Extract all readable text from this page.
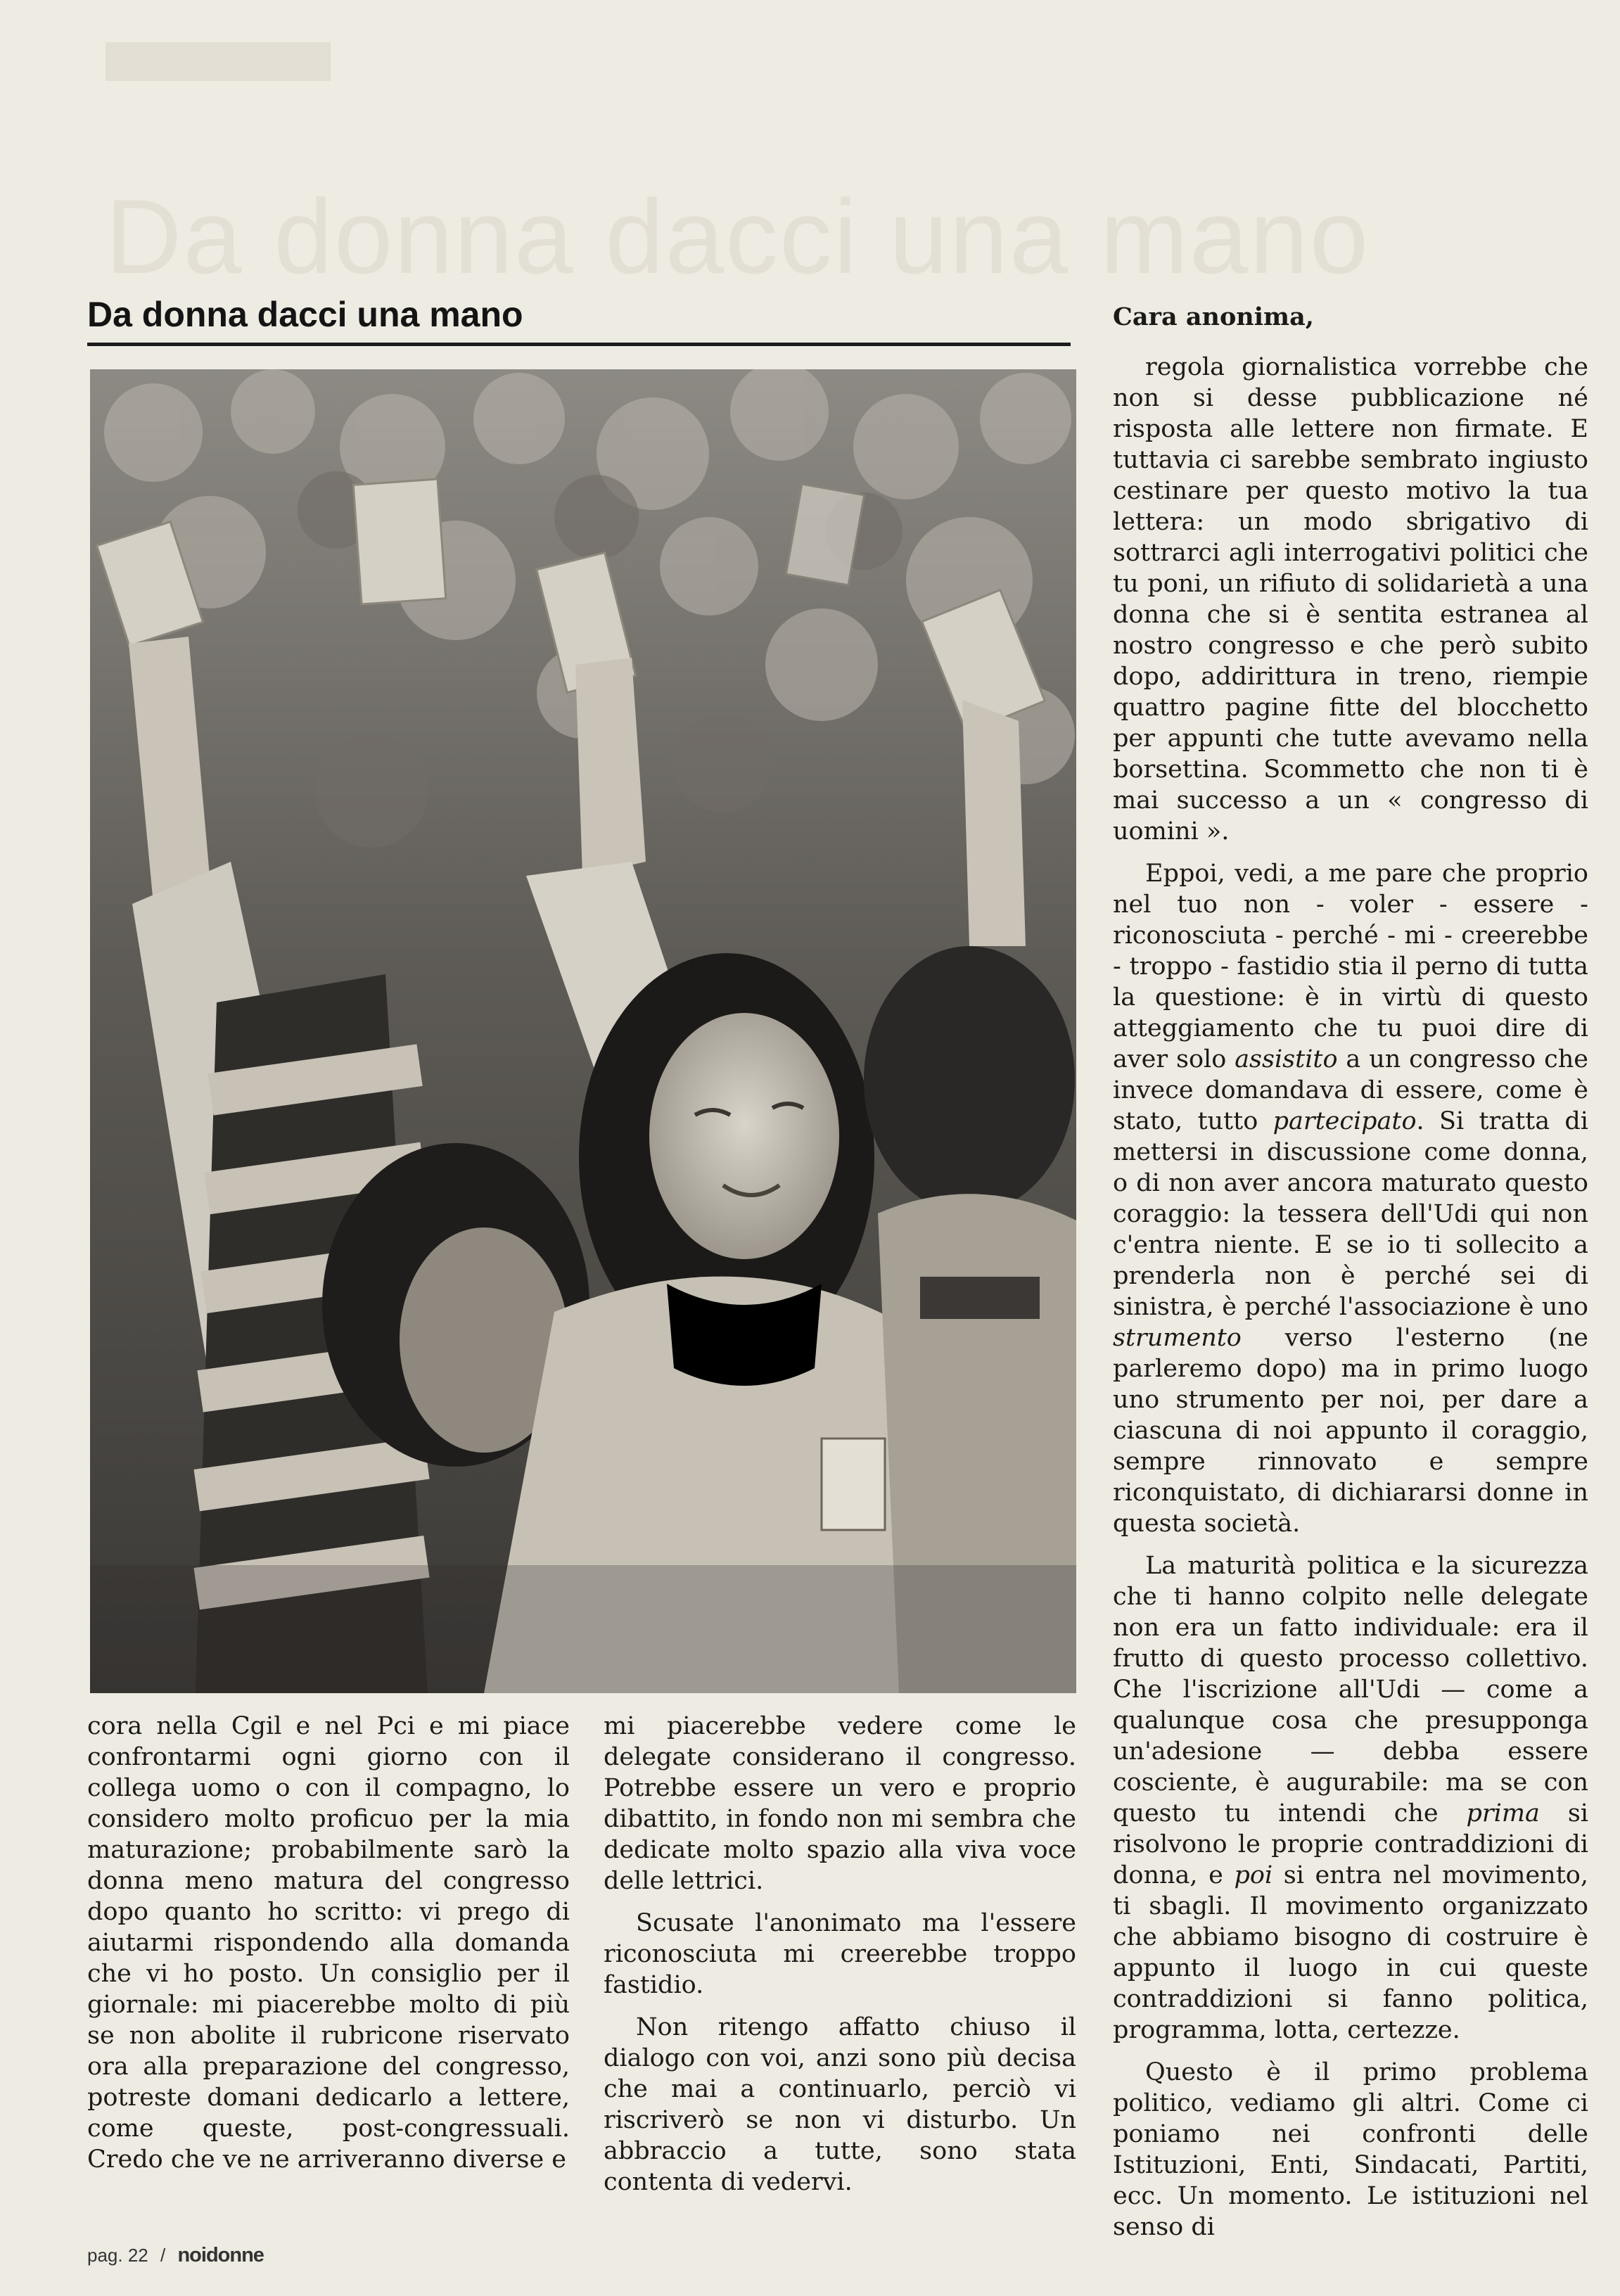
Da donna dacci una mano
Da donna dacci una mano

cora nella Cgil e nel Pci e mi piace confrontarmi ogni giorno con il collega uomo o con il compagno, lo considero molto proficuo per la mia maturazione; probabilmente sarò la donna meno matura del congresso dopo quanto ho scritto: vi prego di aiutarmi rispondendo alla domanda che vi ho posto. Un consiglio per il giornale: mi piacerebbe molto di più se non abolite il rubricone riservato ora alla preparazione del congresso, potreste domani dedicarlo a lettere, come queste, post-congressuali. Credo che ve ne arriveranno diverse e

mi piacerebbe vedere come le delegate considerano il congresso. Potrebbe essere un vero e proprio dibattito, in fondo non mi sembra che dedicate molto spazio alla viva voce delle lettrici.

Scusate l'anonimato ma l'essere riconosciuta mi creerebbe troppo fastidio.

Non ritengo affatto chiuso il dialogo con voi, anzi sono più decisa che mai a continuarlo, perciò vi riscriverò se non vi disturbo. Un abbraccio a tutte, sono stata contenta di vedervi.

Cara anonima,

regola giornalistica vorrebbe che non si desse pubblicazione né risposta alle lettere non firmate. E tuttavia ci sarebbe sembrato ingiusto cestinare per questo motivo la tua lettera: un modo sbrigativo di sottrarci agli interrogativi politici che tu poni, un rifiuto di solidarietà a una donna che si è sentita estranea al nostro congresso e che però subito dopo, addirittura in treno, riempie quattro pagine fitte del blocchetto per appunti che tutte avevamo nella borsettina. Scommetto che non ti è mai successo a un « congresso di uomini ».

Eppoi, vedi, a me pare che proprio nel tuo non - voler - essere - riconosciuta - perché - mi - creerebbe - troppo - fastidio stia il perno di tutta la questione: è in virtù di questo atteggiamento che tu puoi dire di aver solo assistito a un congresso che invece domandava di essere, come è stato, tutto partecipato. Si tratta di mettersi in discussione come donna, o di non aver ancora maturato questo coraggio: la tessera dell'Udi qui non c'entra niente. E se io ti sollecito a prenderla non è perché sei di sinistra, è perché l'associazione è uno strumento verso l'esterno (ne parleremo dopo) ma in primo luogo uno strumento per noi, per dare a ciascuna di noi appunto il coraggio, sempre rinnovato e sempre riconquistato, di dichiararsi donne in questa società.

La maturità politica e la sicurezza che ti hanno colpito nelle delegate non era un fatto individuale: era il frutto di questo processo collettivo. Che l'iscrizione all'Udi — come a qualunque cosa che presupponga un'adesione — debba essere cosciente, è augurabile: ma se con questo tu intendi che prima si risolvono le proprie contraddizioni di donna, e poi si entra nel movimento, ti sbagli. Il movimento organizzato che abbiamo bisogno di costruire è appunto il luogo in cui queste contraddizioni si fanno politica, programma, lotta, certezze.

Questo è il primo problema politico, vediamo gli altri. Come ci poniamo nei confronti delle Istituzioni, Enti, Sindacati, Partiti, ecc. Un momento. Le istituzioni nel senso di

pag. 22 / noidonne
